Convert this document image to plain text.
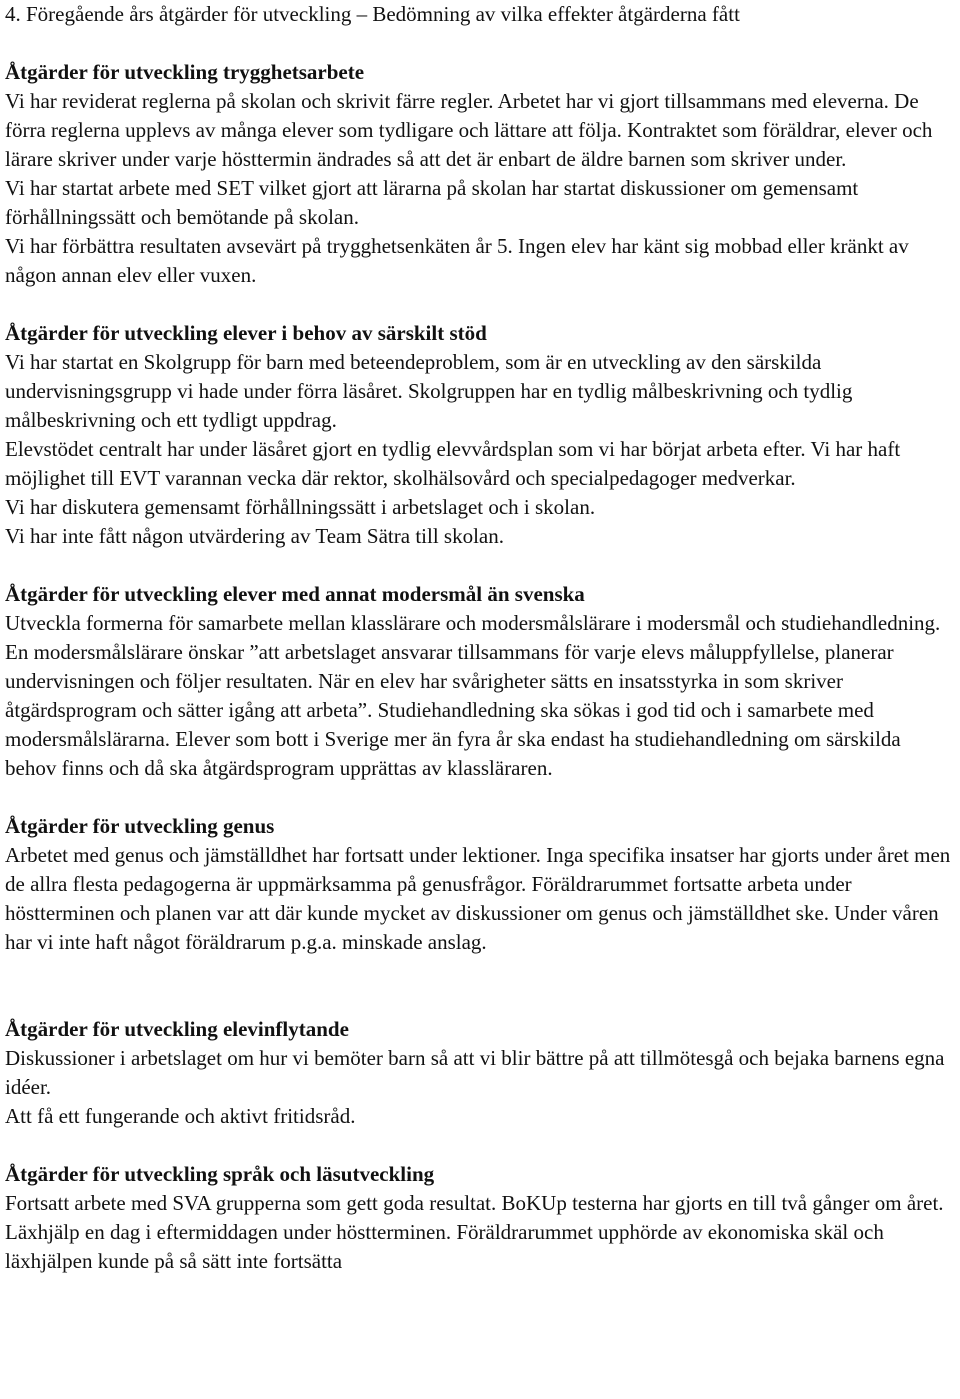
4. Föregående års åtgärder för utveckling – Bedömning av vilka effekter åtgärderna fått

Åtgärder för utveckling trygghetsarbete

Vi har reviderat reglerna på skolan och skrivit färre regler. Arbetet har vi gjort tillsammans med eleverna. De förra reglerna upplevs av många elever som tydligare och lättare att följa. Kontraktet som föräldrar, elever och lärare skriver under varje hösttermin ändrades så att det är enbart de äldre barnen som skriver under.

Vi har startat arbete med SET vilket gjort att lärarna på skolan har startat diskussioner om gemensamt förhållningssätt och bemötande på skolan.

Vi har förbättra resultaten avsevärt på trygghetsenkäten år 5. Ingen elev har känt sig mobbad eller kränkt av någon annan elev eller vuxen.

Åtgärder för utveckling elever i behov av särskilt stöd

Vi har startat en Skolgrupp för barn med beteendeproblem, som är en utveckling av den särskilda undervisningsgrupp vi hade under förra läsåret. Skolgruppen har en tydlig målbeskrivning och tydlig målbeskrivning och ett tydligt uppdrag.

Elevstödet centralt har under läsåret gjort en tydlig elevvårdsplan som vi har börjat arbeta efter. Vi har haft möjlighet till EVT varannan vecka där rektor, skolhälsovård och specialpedagoger medverkar.

Vi har diskutera gemensamt förhållningssätt i arbetslaget och i skolan.

Vi har inte fått någon utvärdering av Team Sätra till skolan.

Åtgärder för utveckling elever med annat modersmål än svenska

Utveckla formerna för samarbete mellan klasslärare och modersmålslärare i modersmål och studiehandledning. En modersmålslärare önskar ”att arbetslaget ansvarar tillsammans för varje elevs måluppfyllelse, planerar undervisningen och följer resultaten. När en elev har svårigheter sätts en insatsstyrka in som skriver åtgärdsprogram och sätter igång att arbeta”. Studiehandledning ska sökas i god tid och i samarbete med modersmålslärarna. Elever som bott i Sverige mer än fyra år ska endast ha studiehandledning om särskilda behov finns och då ska åtgärdsprogram upprättas av klassläraren.

Åtgärder för utveckling genus

Arbetet med genus och jämställdhet har fortsatt under lektioner. Inga specifika insatser har gjorts under året men de allra flesta pedagogerna är uppmärksamma på genusfrågor. Föräldrarummet fortsatte arbeta under höstterminen och planen var att där kunde mycket av diskussioner om genus och jämställdhet ske. Under våren har vi inte haft något föräldrarum p.g.a. minskade anslag.

Åtgärder för utveckling elevinflytande

Diskussioner i arbetslaget om hur vi bemöter barn så att vi blir bättre på att tillmötesgå och bejaka barnens egna idéer.

Att få ett fungerande och aktivt fritidsråd.

Åtgärder för utveckling språk och läsutveckling

Fortsatt arbete med SVA grupperna som gett goda resultat. BoKUp testerna har gjorts en till två gånger om året. Läxhjälp en dag i eftermiddagen under höstterminen. Föräldrarummet upphörde av ekonomiska skäl och läxhjälpen kunde på så sätt inte fortsätta
